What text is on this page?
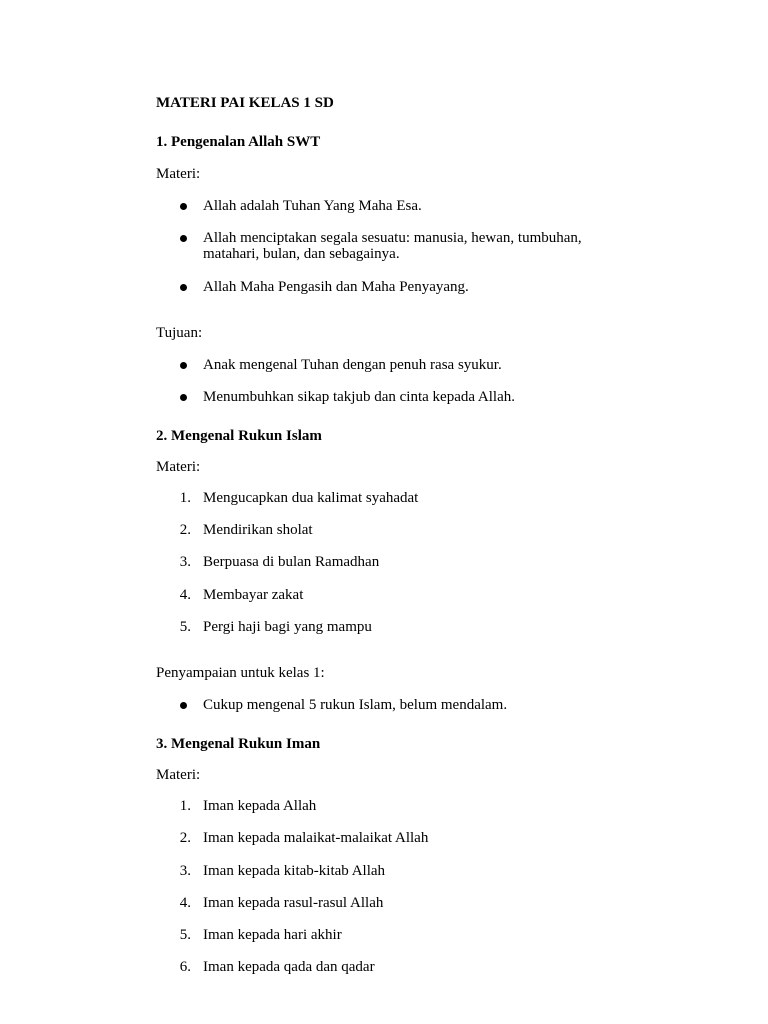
MATERI PAI KELAS 1 SD
1. Pengenalan Allah SWT
Materi:
Allah adalah Tuhan Yang Maha Esa.
Allah menciptakan segala sesuatu: manusia, hewan, tumbuhan,
matahari, bulan, dan sebagainya.
Allah Maha Pengasih dan Maha Penyayang.
Tujuan:
Anak mengenal Tuhan dengan penuh rasa syukur.
Menumbuhkan sikap takjub dan cinta kepada Allah.
2. Mengenal Rukun Islam
Materi:
1. Mengucapkan dua kalimat syahadat
2. Mendirikan sholat
3. Berpuasa di bulan Ramadhan
4. Membayar zakat
5. Pergi haji bagi yang mampu
Penyampaian untuk kelas 1:
Cukup mengenal 5 rukun Islam, belum mendalam.
3. Mengenal Rukun Iman
Materi:
1. Iman kepada Allah
2. Iman kepada malaikat-malaikat Allah
3. Iman kepada kitab-kitab Allah
4. Iman kepada rasul-rasul Allah
5. Iman kepada hari akhir
6. Iman kepada qada dan qadar
